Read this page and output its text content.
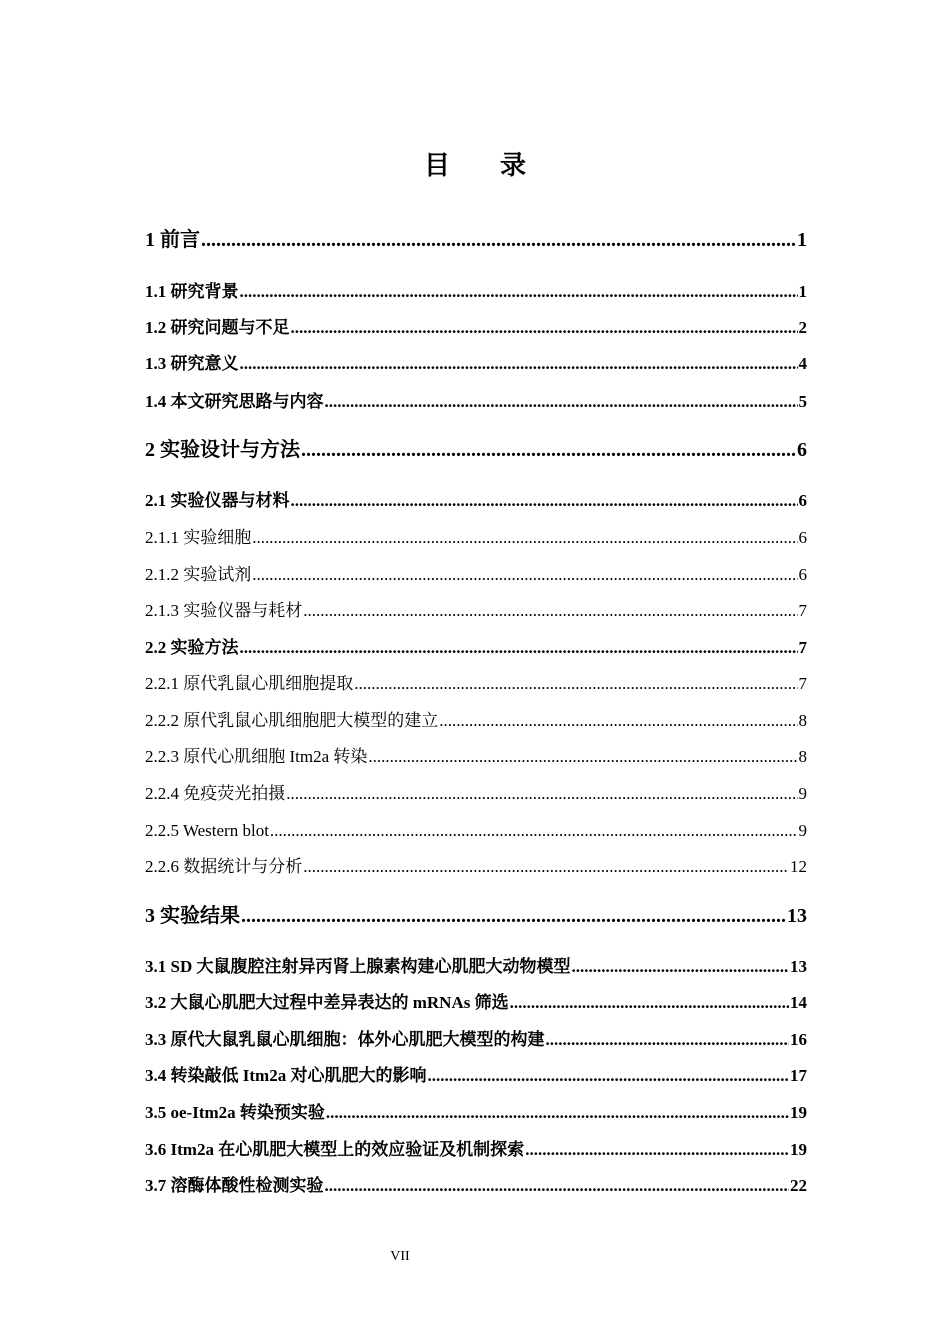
目录
1 前言 .....	1
1.1 研究背景 .....	1
1.2 研究问题与不足 .....	2
1.3 研究意义 .....	4
1.4 本文研究思路与内容 .....	5
2 实验设计与方法 .....	6
2.1 实验仪器与材料 .....	6
2.1.1 实验细胞 .....	6
2.1.2 实验试剂 .....	6
2.1.3 实验仪器与耗材 .....	7
2.2 实验方法 .....	7
2.2.1 原代乳鼠心肌细胞提取 .....	7
2.2.2 原代乳鼠心肌细胞肥大模型的建立 .....	8
2.2.3 原代心肌细胞 Itm2a 转染 .....	8
2.2.4 免疫荧光拍摄 .....	9
2.2.5 Western blot .....	9
2.2.6 数据统计与分析 .....	12
3 实验结果 .....	13
3.1 SD 大鼠腹腔注射异丙肾上腺素构建心肌肥大动物模型 .....	13
3.2 大鼠心肌肥大过程中差异表达的 mRNAs 筛选 .....	14
3.3 原代大鼠乳鼠心肌细胞：体外心肌肥大模型的构建 .....	16
3.4 转染敲低 Itm2a 对心肌肥大的影响 .....	17
3.5 oe-Itm2a 转染预实验 .....	19
3.6 Itm2a 在心肌肥大模型上的效应验证及机制探索 .....	19
3.7 溶酶体酸性检测实验 .....	22
VII
